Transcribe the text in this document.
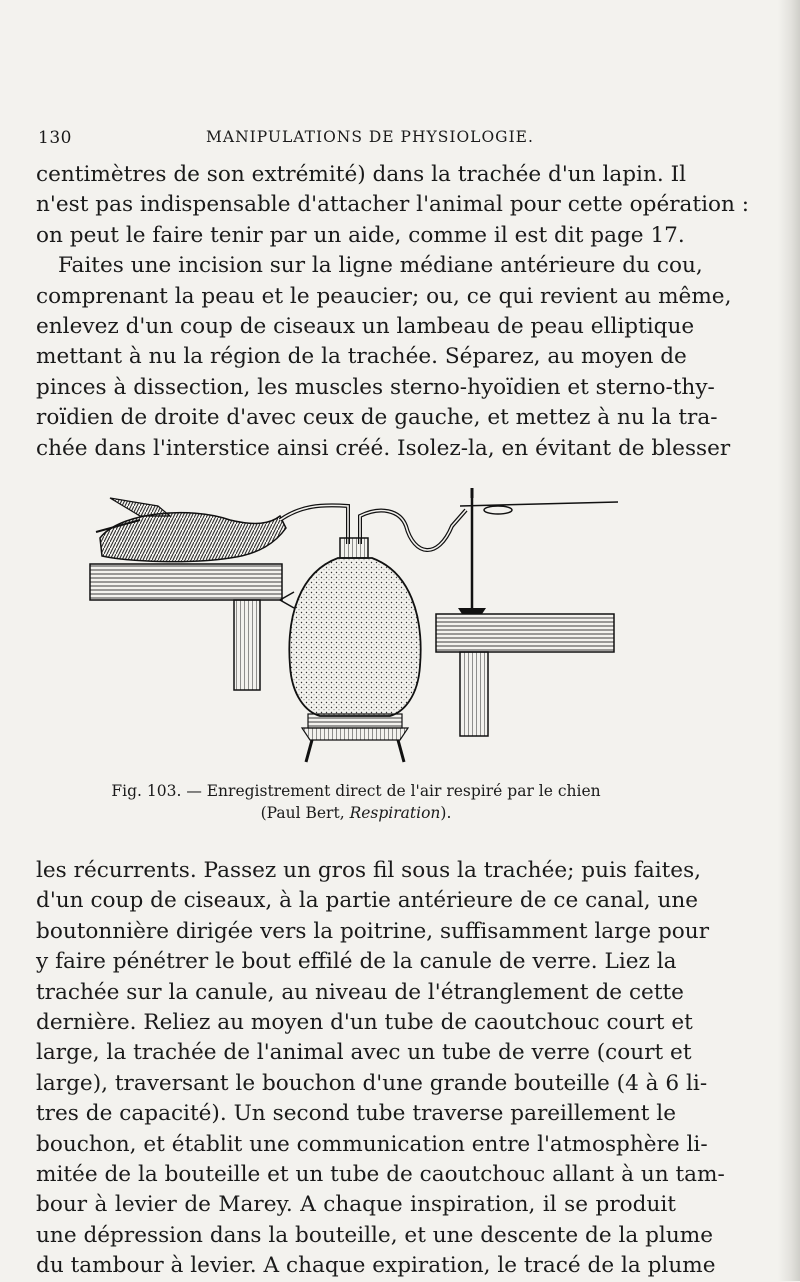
130	MANIPULATIONS DE PHYSIOLOGIE.
centimètres de son extrémité) dans la trachée d'un lapin. Il
n'est pas indispensable d'attacher l'animal pour cette opération :
on peut le faire tenir par un aide, comme il est dit page 17.
Faites une incision sur la ligne médiane antérieure du cou,
comprenant la peau et le peaucier; ou, ce qui revient au même,
enlevez d'un coup de ciseaux un lambeau de peau elliptique
mettant à nu la région de la trachée. Séparez, au moyen de
pinces à dissection, les muscles sterno-hyoïdien et sterno-thy-
roïdien de droite d'avec ceux de gauche, et mettez à nu la tra-
chée dans l'interstice ainsi créé. Isolez-la, en évitant de blesser
Fig. 103. — Enregistrement direct de l'air respiré par le chien
(Paul Bert, Respiration).
les récurrents. Passez un gros fil sous la trachée; puis faites,
d'un coup de ciseaux, à la partie antérieure de ce canal, une
boutonnière dirigée vers la poitrine, suffisamment large pour
y faire pénétrer le bout effilé de la canule de verre. Liez la
trachée sur la canule, au niveau de l'étranglement de cette
dernière. Reliez au moyen d'un tube de caoutchouc court et
large, la trachée de l'animal avec un tube de verre (court et
large), traversant le bouchon d'une grande bouteille (4 à 6 li-
tres de capacité). Un second tube traverse pareillement le
bouchon, et établit une communication entre l'atmosphère li-
mitée de la bouteille et un tube de caoutchouc allant à un tam-
bour à levier de Marey. A chaque inspiration, il se produit
une dépression dans la bouteille, et une descente de la plume
du tambour à levier. A chaque expiration, le tracé de la plume
